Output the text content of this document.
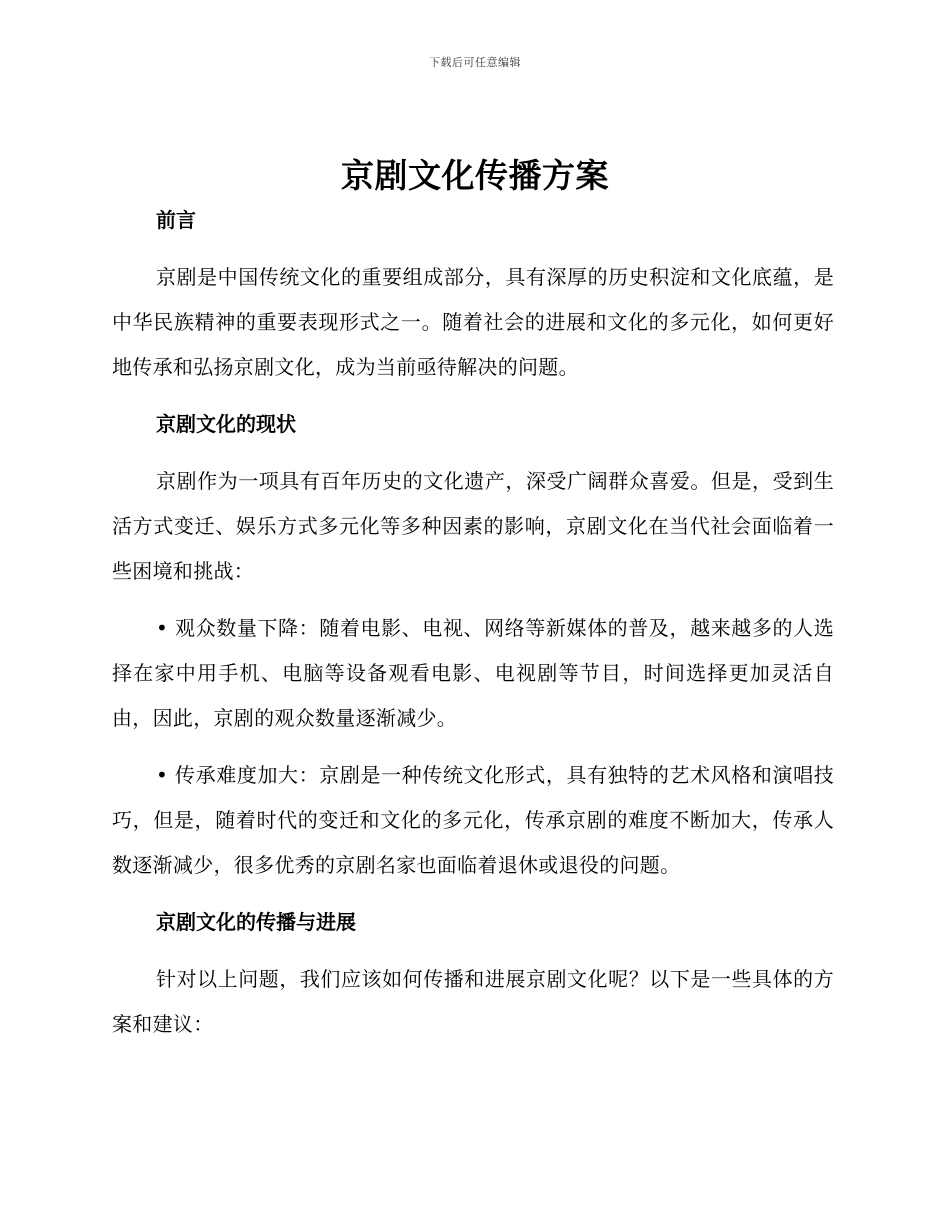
下载后可任意编辑
京剧文化传播方案
前言

京剧是中国传统文化的重要组成部分，具有深厚的历史积淀和文化底蕴，是中华民族精神的重要表现形式之一。随着社会的进展和文化的多元化，如何更好地传承和弘扬京剧文化，成为当前亟待解决的问题。

京剧文化的现状

京剧作为一项具有百年历史的文化遗产，深受广阔群众喜爱。但是，受到生活方式变迁、娱乐方式多元化等多种因素的影响，京剧文化在当代社会面临着一些困境和挑战：

• 观众数量下降：随着电影、电视、网络等新媒体的普及，越来越多的人选择在家中用手机、电脑等设备观看电影、电视剧等节目，时间选择更加灵活自由，因此，京剧的观众数量逐渐减少。

• 传承难度加大：京剧是一种传统文化形式，具有独特的艺术风格和演唱技巧，但是，随着时代的变迁和文化的多元化，传承京剧的难度不断加大，传承人数逐渐减少，很多优秀的京剧名家也面临着退休或退役的问题。

京剧文化的传播与进展

针对以上问题，我们应该如何传播和进展京剧文化呢？以下是一些具体的方案和建议：
